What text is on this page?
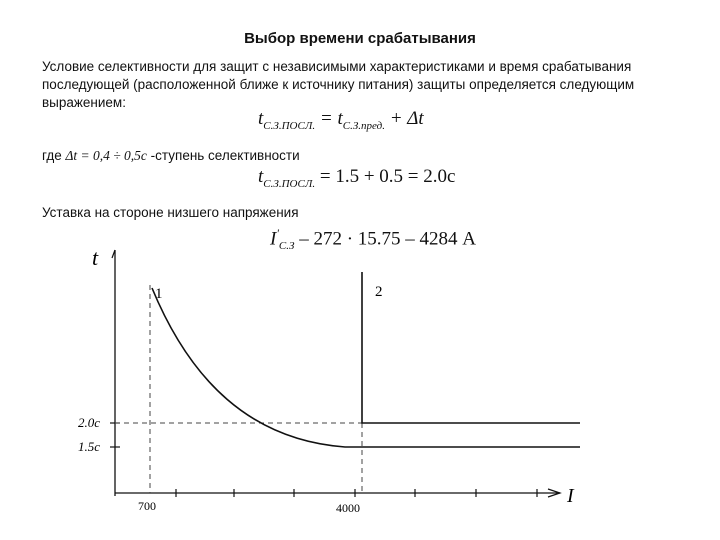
Выбор времени срабатывания
Условие селективности для защит с независимыми характеристиками и время срабатывания последующей (расположенной ближе к источнику питания) защиты определяется следующим выражением:
$t_{С.З.ПОСЛ.} = t_{С.З.пред.} + \Delta t$
где Δt = 0,4 ÷ 0,5c -ступень селективности
$t_{С.З.ПОСЛ.} = 1.5 + 0.5 = 2.0c$
Уставка на стороне низшего напряжения
$I'_{С.З} - 272 \cdot 15.75 - 4284$ A
t
I
700	4000
2.0c
1.5c
1	2
